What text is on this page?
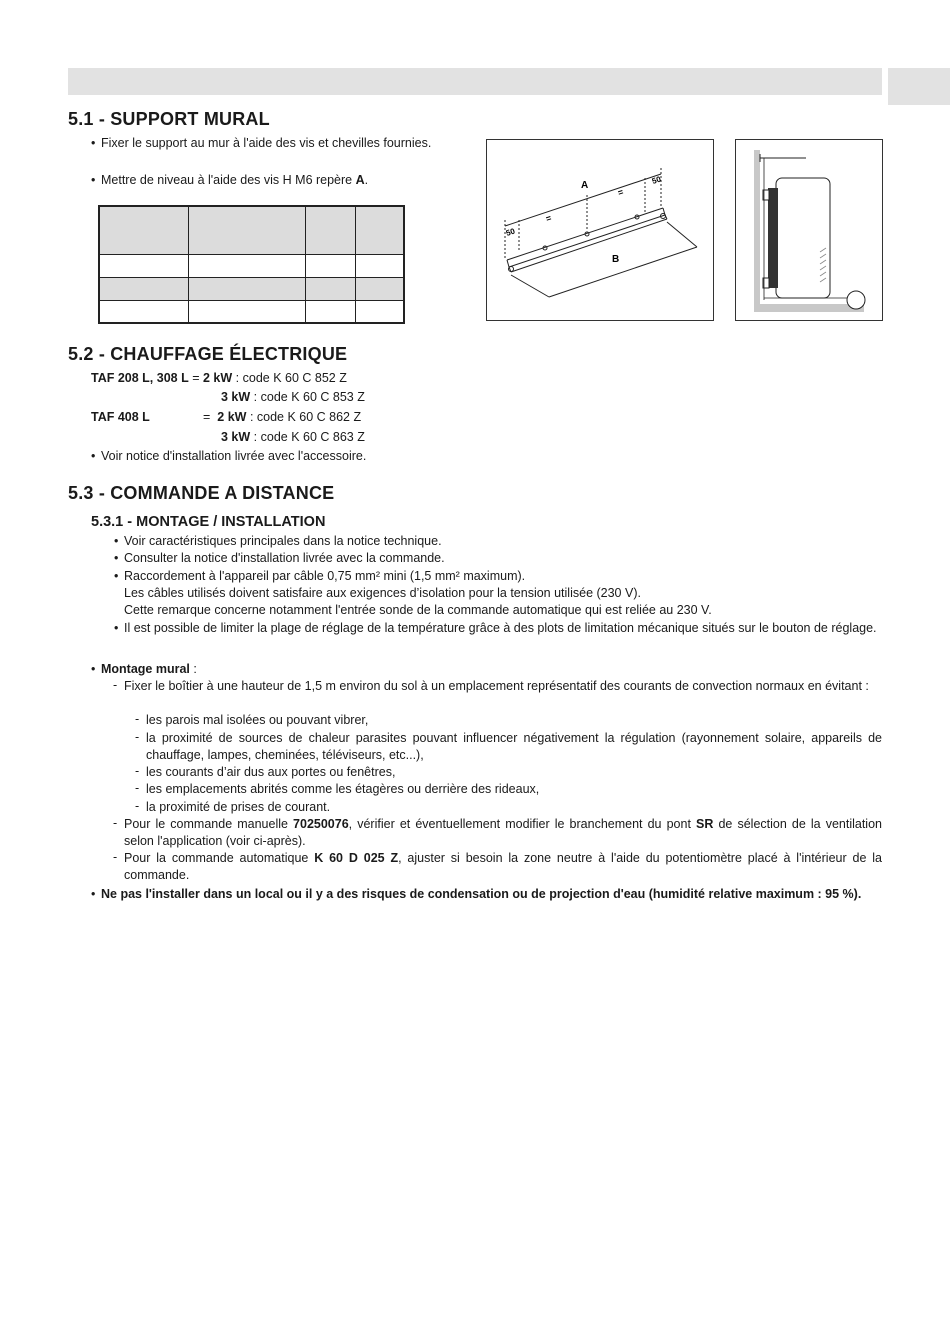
5.1 - SUPPORT MURAL
• Fixer le support au mur à l'aide des vis et chevilles fournies.

• Mettre de niveau à l'aide des vis H M6 repère A.

				A
B
50
50
=
=
5.2 - CHAUFFAGE ÉLECTRIQUE
TAF 208 L, 308 L = 2 kW : code K 60 C 852 Z
3 kW : code K 60 C 853 Z
TAF 408 L	= 2 kW : code K 60 C 862 Z
3 kW : code K 60 C 863 Z
• Voir notice d'installation livrée avec l'accessoire.

5.3 - COMMANDE A DISTANCE
5.3.1 - MONTAGE / INSTALLATION
• Voir caractéristiques principales dans la notice technique.

• Consulter la notice d'installation livrée avec la commande.

• Raccordement à l'appareil par câble 0,75 mm² mini (1,5 mm² maximum).

Les câbles utilisés doivent satisfaire aux exigences d’isolation pour la tension utilisée (230 V).

Cette remarque concerne notamment l'entrée sonde de la commande automatique qui est reliée au 230 V.

• Il est possible de limiter la plage de réglage de la température grâce à des plots de limitation mécanique situés sur le bouton de réglage.

• Montage mural :

- Fixer le boîtier à une hauteur de 1,5 m environ du sol à un emplacement représentatif des courants de convection normaux en évitant :

- les parois mal isolées ou pouvant vibrer,

- la proximité de sources de chaleur parasites pouvant influencer négativement la régulation (rayonnement solaire, appareils de chauffage, lampes, cheminées, téléviseurs, etc...),

- les courants d’air dus aux portes ou fenêtres,

- les emplacements abrités comme les étagères ou derrière des rideaux,

- la proximité de prises de courant.

- Pour le commande manuelle 70250076, vérifier et éventuellement modifier le branchement du pont SR de sélection de la ventilation selon l'application (voir ci-après).

- Pour la commande automatique K 60 D 025 Z, ajuster si besoin la zone neutre à l'aide du potentiomètre placé à l'intérieur de la commande.

• Ne pas l'installer dans un local ou il y a des risques de condensation ou de projection d'eau (humidité relative maximum : 95 %).
